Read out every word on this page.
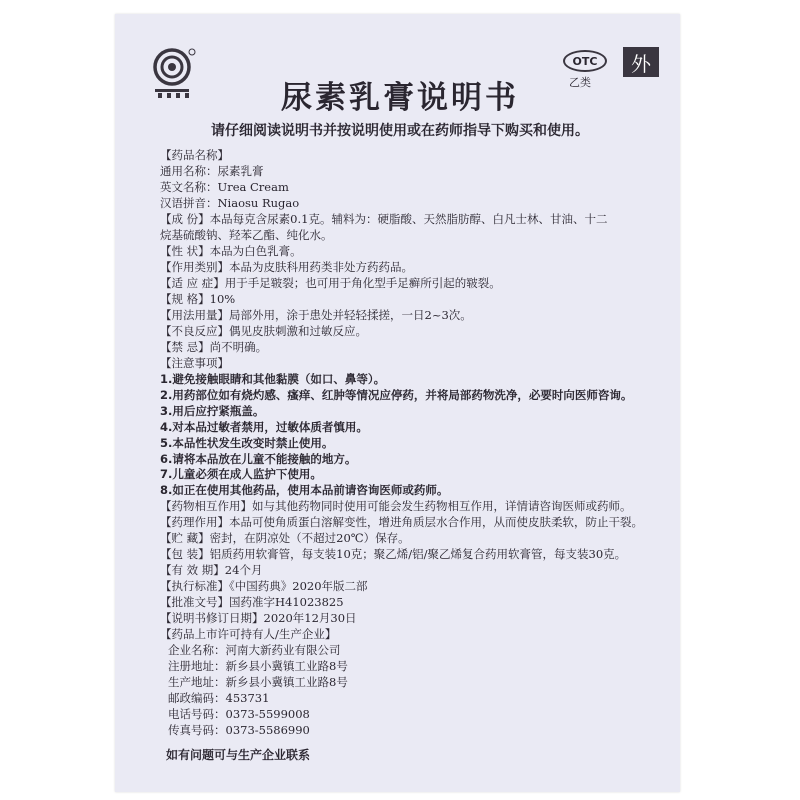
OTC
乙类
外
尿素乳膏说明书
请仔细阅读说明书并按说明使用或在药师指导下购买和使用。
【药品名称】
通用名称：尿素乳膏
英文名称：Urea Cream
汉语拼音：Niaosu Rugao
【成 份】本品每克含尿素0.1克。辅料为：硬脂酸、天然脂肪醇、白凡士林、甘油、十二
烷基硫酸钠、羟苯乙酯、纯化水。
【性 状】本品为白色乳膏。
【作用类别】本品为皮肤科用药类非处方药药品。
【适 应 症】用于手足皲裂；也可用于角化型手足癣所引起的皲裂。
【规 格】10%
【用法用量】局部外用，涂于患处并轻轻揉搓，一日2~3次。
【不良反应】偶见皮肤刺激和过敏反应。
【禁 忌】尚不明确。
【注意事项】
1.避免接触眼睛和其他黏膜（如口、鼻等）。
2.用药部位如有烧灼感、瘙痒、红肿等情况应停药，并将局部药物洗净，必要时向医师咨询。
3.用后应拧紧瓶盖。
4.对本品过敏者禁用，过敏体质者慎用。
5.本品性状发生改变时禁止使用。
6.请将本品放在儿童不能接触的地方。
7.儿童必须在成人监护下使用。
8.如正在使用其他药品，使用本品前请咨询医师或药师。
【药物相互作用】如与其他药物同时使用可能会发生药物相互作用，详情请咨询医师或药师。
【药理作用】本品可使角质蛋白溶解变性，增进角质层水合作用，从而使皮肤柔软，防止干裂。
【贮 藏】密封，在阴凉处（不超过20℃）保存。
【包 装】铝质药用软膏管，每支装10克；聚乙烯/铝/聚乙烯复合药用软膏管，每支装30克。
【有 效 期】24个月
【执行标准】《中国药典》2020年版二部
【批准文号】国药准字H41023825
【说明书修订日期】2020年12月30日
【药品上市许可持有人/生产企业】
企业名称：河南大新药业有限公司
注册地址：新乡县小冀镇工业路8号
生产地址：新乡县小冀镇工业路8号
邮政编码：453731
电话号码：0373-5599008
传真号码：0373-5586990
如有问题可与生产企业联系
